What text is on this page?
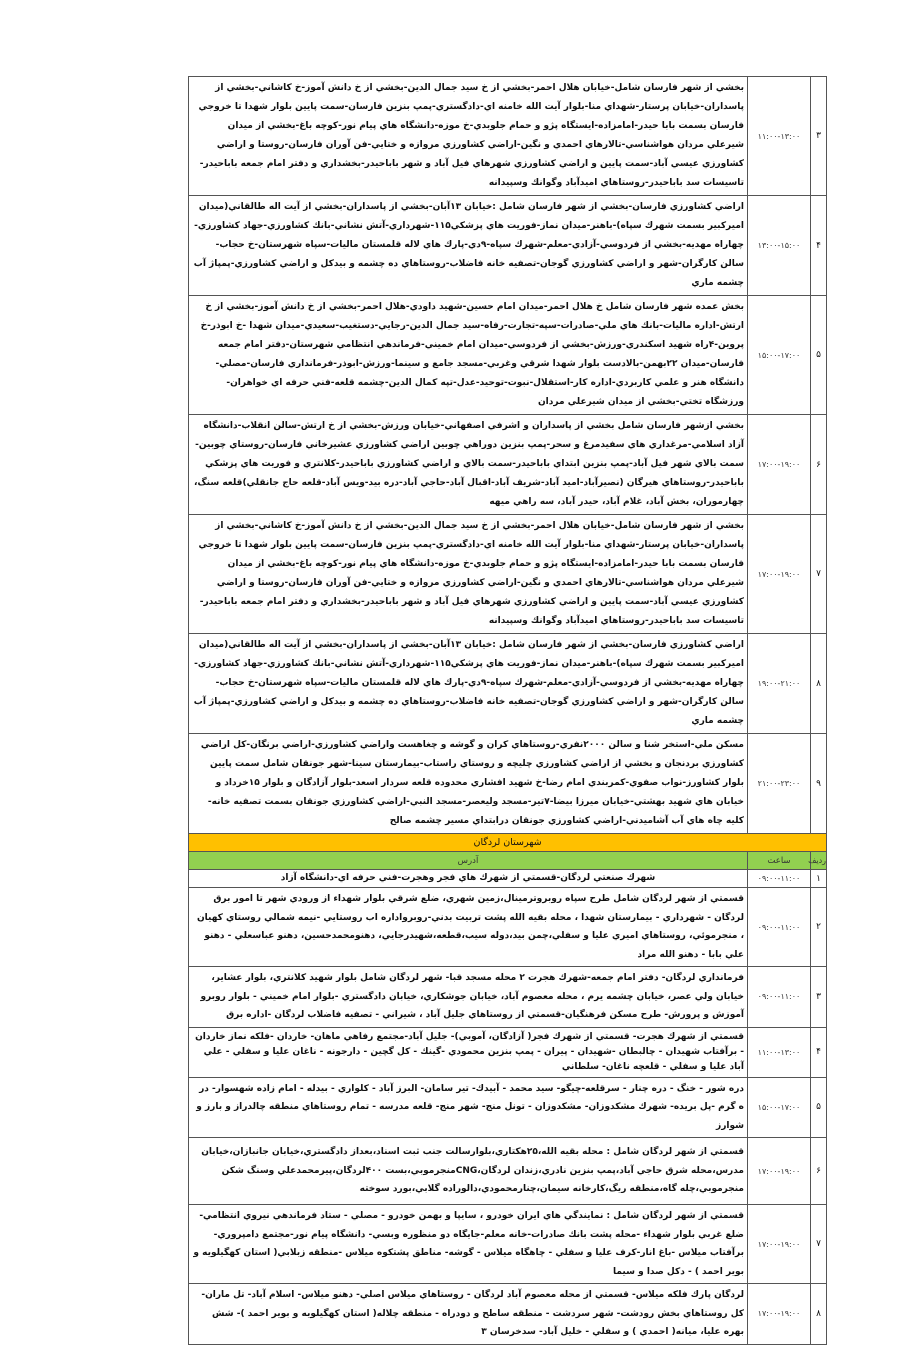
۳	۱۱:۰۰-۱۳:۰۰	بخشي از شهر فارسان شامل-خيابان هلال احمر-بخشي از خ سيد جمال الدين-بخشي از خ دانش آموز-خ كاشاني-بخشي از پاسداران-خيابان پرستار-شهداي منا-بلوار آيت الله خامنه اي-دادگستري-پمپ بنزين فارسان-سمت پايين بلوار شهدا تا خروجي فارسان بسمت بابا حيدر-امامزاده-ايستگاه پژو و حمام جلوبدي-خ موزه-دانشگاه هاي پيام نور-كوچه باغ-بخشي از ميدان شيرعلي مردان هواشناسي-تالارهاي احمدي و نگين-اراضي كشاورزي مروازه و ختايي-فن آوران فارسان-روستا و اراضي كشاورزي عيسي آباد-سمت پايين و اراضي كشاورزي شهرهاي فيل آباد و شهر باباحيدر-بخشداري و دفتر امام جمعه باباحيدر-تاسيسات سد باباحيدر-روستاهاي اميدآباد وگوانك وسپيدانه
۴	۱۳:۰۰-۱۵:۰۰	اراضي كشاورزي فارسان-بخشي از شهر فارسان شامل :خيابان ۱۳آبان-بخشي از پاسداران-بخشي از آيت اله طالقاني(ميدان اميركبير بسمت شهرك سپاه)-باهنر-ميدان نماز-فوريت هاي پزشكي۱۱۵-شهرداري-آتش نشاني-بانك كشاورزي-جهاد كشاورزي-چهاراه مهديه-بخشي از فردوسي-آزادي-معلم-شهرك سپاه-۹دي-پارك هاي لاله قلمستان ماليات-سپاه شهرستان-خ حجاب-سالن كارگران-شهر و اراضي كشاورزي گوجان-تصفيه خانه فاضلاب-روستاهاي ده چشمه و بيدكل و اراضي كشاورزي-پمپاژ آب چشمه ماري
۵	۱۵:۰۰-۱۷:۰۰	بخش عمده شهر فارسان شامل خ هلال احمر-ميدان امام حسين-شهيد داودي-هلال احمر-بخشي از خ دانش آموز-بخشي از خ ارتش-اداره ماليات-بانك هاي ملي-صادرات-سپه-تجارت-رفاه-سيد جمال الدين-رجايي-دستغيب-سعيدي-ميدان شهدا -خ ابوذر-خ پروين-۴راه شهيد اسكندري-ورزش-بخشي از فردوسي-ميدان امام خميني-فرماندهي انتظامي شهرستان-دفتر امام جمعه فارسان-ميدان ۲۲بهمن-بالادست بلوار شهدا شرقي وغربي-مسجد جامع و سينما-ورزش-ابوذر-فرمانداري فارسان-مصلي-دانشگاه هنر و علمي كاربردي-اداره كار-استقلال-نبوت-توحيد-عدل-تپه كمال الدين-چشمه قلعه-فني حرفه اي خواهران-ورزشگاه تختي-بخشي از ميدان شيرعلي مردان
۶	۱۷:۰۰-۱۹:۰۰	بخشي ازشهر فارسان شامل بخشي از پاسداران و اشرفي اصفهاني-خيابان ورزش-بخشي از خ ارتش-سالن انقلاب-دانشگاه آزاد اسلامي-مرغداري هاي سفيدمرغ و سحر-پمپ بنزين دوراهي چوبين اراضي كشاورزي عشيرخاني فارسان-روستاي چوبين-سمت بالاي شهر فيل آباد-پمپ بنزين ابتداي باباحيدر-سمت بالاي و اراضي كشاورزي باباحيدر-كلانتري و فوريت هاي پزشكي باباحيدر-روستاهاي هيرگان (نصيرآباد-اميد آباد-شريف آباد-اقبال آباد-حاجي آباد-دره بيد-ويس آباد-قلعه حاج جانقلي)قلعه سنگ، چهارموران، بخش آباد، غلام آباد، حيدر آباد، سه راهي ميهه
۷	۱۷:۰۰-۱۹:۰۰	بخشي از شهر فارسان شامل-خيابان هلال احمر-بخشي از خ سيد جمال الدين-بخشي از خ دانش آموز-خ كاشاني-بخشي از پاسداران-خيابان پرستار-شهداي منا-بلوار آيت الله خامنه اي-دادگستري-پمپ بنزين فارسان-سمت پايين بلوار شهدا تا خروجي فارسان بسمت بابا حيدر-امامزاده-ايستگاه پژو و حمام جلوبدي-خ موزه-دانشگاه هاي پيام نور-كوچه باغ-بخشي از ميدان شيرعلي مردان هواشناسي-تالارهاي احمدي و نگين-اراضي كشاورزي مروازه و ختايي-فن آوران فارسان-روستا و اراضي كشاورزي عيسي آباد-سمت پايين و اراضي كشاورزي شهرهاي فيل آباد و شهر باباحيدر-بخشداري و دفتر امام جمعه باباحيدر-تاسيسات سد باباحيدر-روستاهاي اميدآباد وگوانك وسپيدانه
۸	۱۹:۰۰-۲۱:۰۰	اراضي كشاورزي فارسان-بخشي از شهر فارسان شامل :خيابان ۱۳آبان-بخشي از پاسداران-بخشي از آيت اله طالقاني(ميدان اميركبير بسمت شهرك سپاه)-باهنر-ميدان نماز-فوريت هاي پزشكي۱۱۵-شهرداري-آتش نشاني-بانك كشاورزي-جهاد كشاورزي-چهاراه مهديه-بخشي از فردوسي-آزادي-معلم-شهرك سپاه-۹دي-پارك هاي لاله قلمستان ماليات-سپاه شهرستان-خ حجاب-سالن كارگران-شهر و اراضي كشاورزي گوجان-تصفيه خانه فاضلاب-روستاهاي ده چشمه و بيدكل و اراضي كشاورزي-پمپاژ آب چشمه ماري
۹	۲۱:۰۰-۲۳:۰۰	مسكن ملي-استخر شنا و سالن ۲۰۰۰نفري-روستاهاي كران و گوشه و چغاهست واراضي كشاورزي-اراضي برنگان-كل اراضي كشاورزي بردنجان و بخشي از اراضي كشاورزي چليچه و روستاي راستاب-بيمارستان سينا-شهر جونقان شامل سمت پايين بلوار كشاورز-نواب صفوي-كمربندي امام رضا-خ شهيد افشاري محدوده قلعه سردار اسعد-بلوار آزادگان و بلوار ۱۵خرداد و خيابان هاي شهيد بهشتي-خيابان ميرزا بيضا-۷تير-مسجد وليعصر-مسجد النبي-اراضي كشاورزي جونقان بسمت تصفيه خانه-كليه چاه هاي آب آشاميدني-اراضي كشاورزي جونقان درابتداي مسير چشمه صالح
شهرستان لردگان		
ردیف	ساعت	آدرس
۱	۰۹:۰۰-۱۱:۰۰	شهرك صنعتي لردگان-قسمتي از شهرك هاي فجر وهجرت-فني حرفه اي-دانشگاه آزاد
۲	۰۹:۰۰-۱۱:۰۰	قسمتي از شهر لردگان شامل طرح سپاه روبروترمينال،زمين شهري، ضلع شرقي بلوار شهداء از ورودي شهر تا امور برق لردگان - شهرداري - بيمارستان شهدا ، محله بقيه الله پشت تربيت بدني-روبرواداره اب روستايي -نيمه شمالي روستاي كهيان ، منجرموئي، روستاهاي اميري عليا و سفلي،چمن بيد،دوله سيب،قطعه،شهيدرجايي، دهنومحمدحسين، دهنو عباسعلي - دهنو علي بابا - دهنو الله مراد
۳	۰۹:۰۰-۱۱:۰۰	فرمانداري لردگان- دفتر امام جمعه-شهرك هجرت ۲ محله مسجد قبا- شهر لردگان شامل بلوار شهيد كلانتري، بلوار عشاير، خيابان ولي عصر، خيابان چشمه يرم ، محله معصوم آباد، خيابان جوشكاري، خيابان دادگستري -بلوار امام خميني - بلوار روبرو آموزش و پرورش- طرح مسكن فرهنگيان-قسمتي از روستاهاي جليل آباد ، شيراني - تصفيه فاضلاب لردگان -اداره برق
۴	۱۱:۰۰-۱۳:۰۰	قسمتي از شهرك هجرت- قسمتي از شهرك فجر( آزادگان، آموبي)- جليل آباد-مجتمع رفاهي ماهان- خاردان -فلكه نماز خاردان - برآفتاب شهيدان - چالبطان -شهيدان - پيران - پمپ بنزين محمودي -گينك - كل گچين - دارجونه - ناغان عليا و سفلي - علي آباد عليا و سفلي - قلعچه ناغان- سلطاني
۵	۱۵:۰۰-۱۷:۰۰	دره شور - خنگ - دره چنار - سرقلعه-چيگو- سيد محمد - آبيدك- تير سامان- البرز آباد - كلواري - بيدله - امام زاده شهسوار- در ه گرم -پل بريده- شهرك مشكدوزان- مشكدوزان - تونل منج- شهر منج- قلعه مدرسه - تمام روستاهاي منطقه چالدراز و بارز و شوارز
۶	۱۷:۰۰-۱۹:۰۰	قسمتي از شهر لردگان شامل : محله بقيه الله،۲۵هكتاري،بلوارسالت جنب ثبت اسناد،بعداز دادگستري،خيابان جانبازان،خيابان مدرس،محله شرق حاجي آباد،پمپ بنزين نادري،زندان لردگان،CNGمنجرموبي،بست ۴۰۰لردگان،پيرمحمدعلي وسنگ شكن منجرموبي،چله گاه،منطقه ريگ،كارخانه سيمان،چنارمحمودي،دالوراده گلابي،بورد سوخته
۷	۱۷:۰۰-۱۹:۰۰	قسمتي از شهر لردگان شامل : نمايندگي هاي ايران خودرو ، سايپا و بهمن خودرو - مصلي - ستاد فرماندهي نيروي انتظامي-ضلع غربي بلوار شهداء -محله پشت بانك صادرات-خانه معلم-جايگاه دو منظوره وبسي- دانشگاه پيام نور-مجتمع دامپروري- برآفتاب ميلاس -باغ انار-كرف عليا و سفلي - چاهگاه ميلاس - گوشه- مناطق پشتكوه ميلاس -منطقه زبلابي( استان كهگيلويه و بوير احمد ) - دكل صدا و سيما
۸	۱۷:۰۰-۱۹:۰۰	لردگان پارك فلكه ميلاس- قسمتي از محله معصوم آباد لردگان - روستاهاي ميلاس اصلي- دهنو ميلاس- اسلام آباد- تل ماران- كل روستاهاي بخش رودشت- شهر سردشت - منطقه ساطح و دودراه - منطقه چلاله( استان كهگيلويه و بوير احمد )- شش بهره عليا، ميانه( احمدي ) و سفلي - خليل آباد- سدخرسان ۳
